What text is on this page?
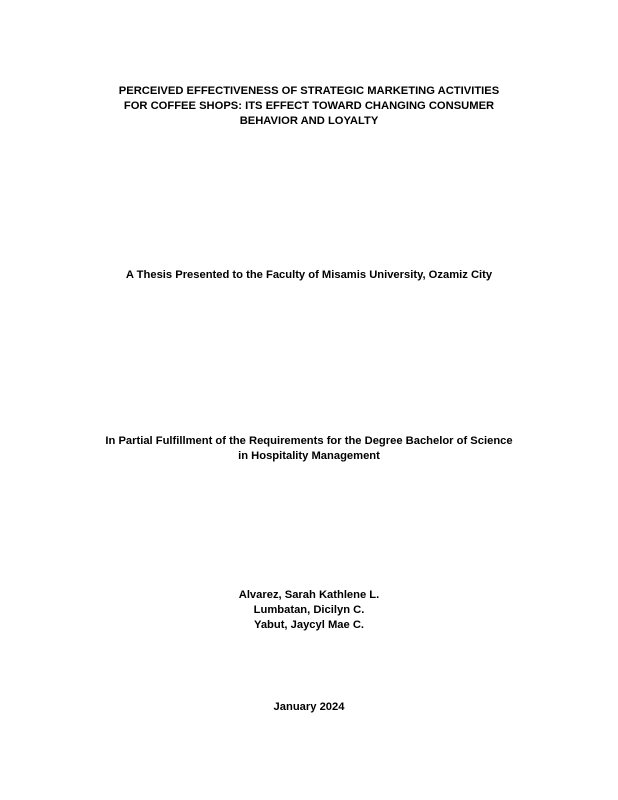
PERCEIVED EFFECTIVENESS OF STRATEGIC MARKETING ACTIVITIES
FOR COFFEE SHOPS: ITS EFFECT TOWARD CHANGING CONSUMER
BEHAVIOR AND LOYALTY

A Thesis Presented to the Faculty of Misamis University, Ozamiz City

In Partial Fulfillment of the Requirements for the Degree Bachelor of Science
in Hospitality Management

Alvarez, Sarah Kathlene L.
Lumbatan, Dicilyn C.
Yabut, Jaycyl Mae C.

January 2024
